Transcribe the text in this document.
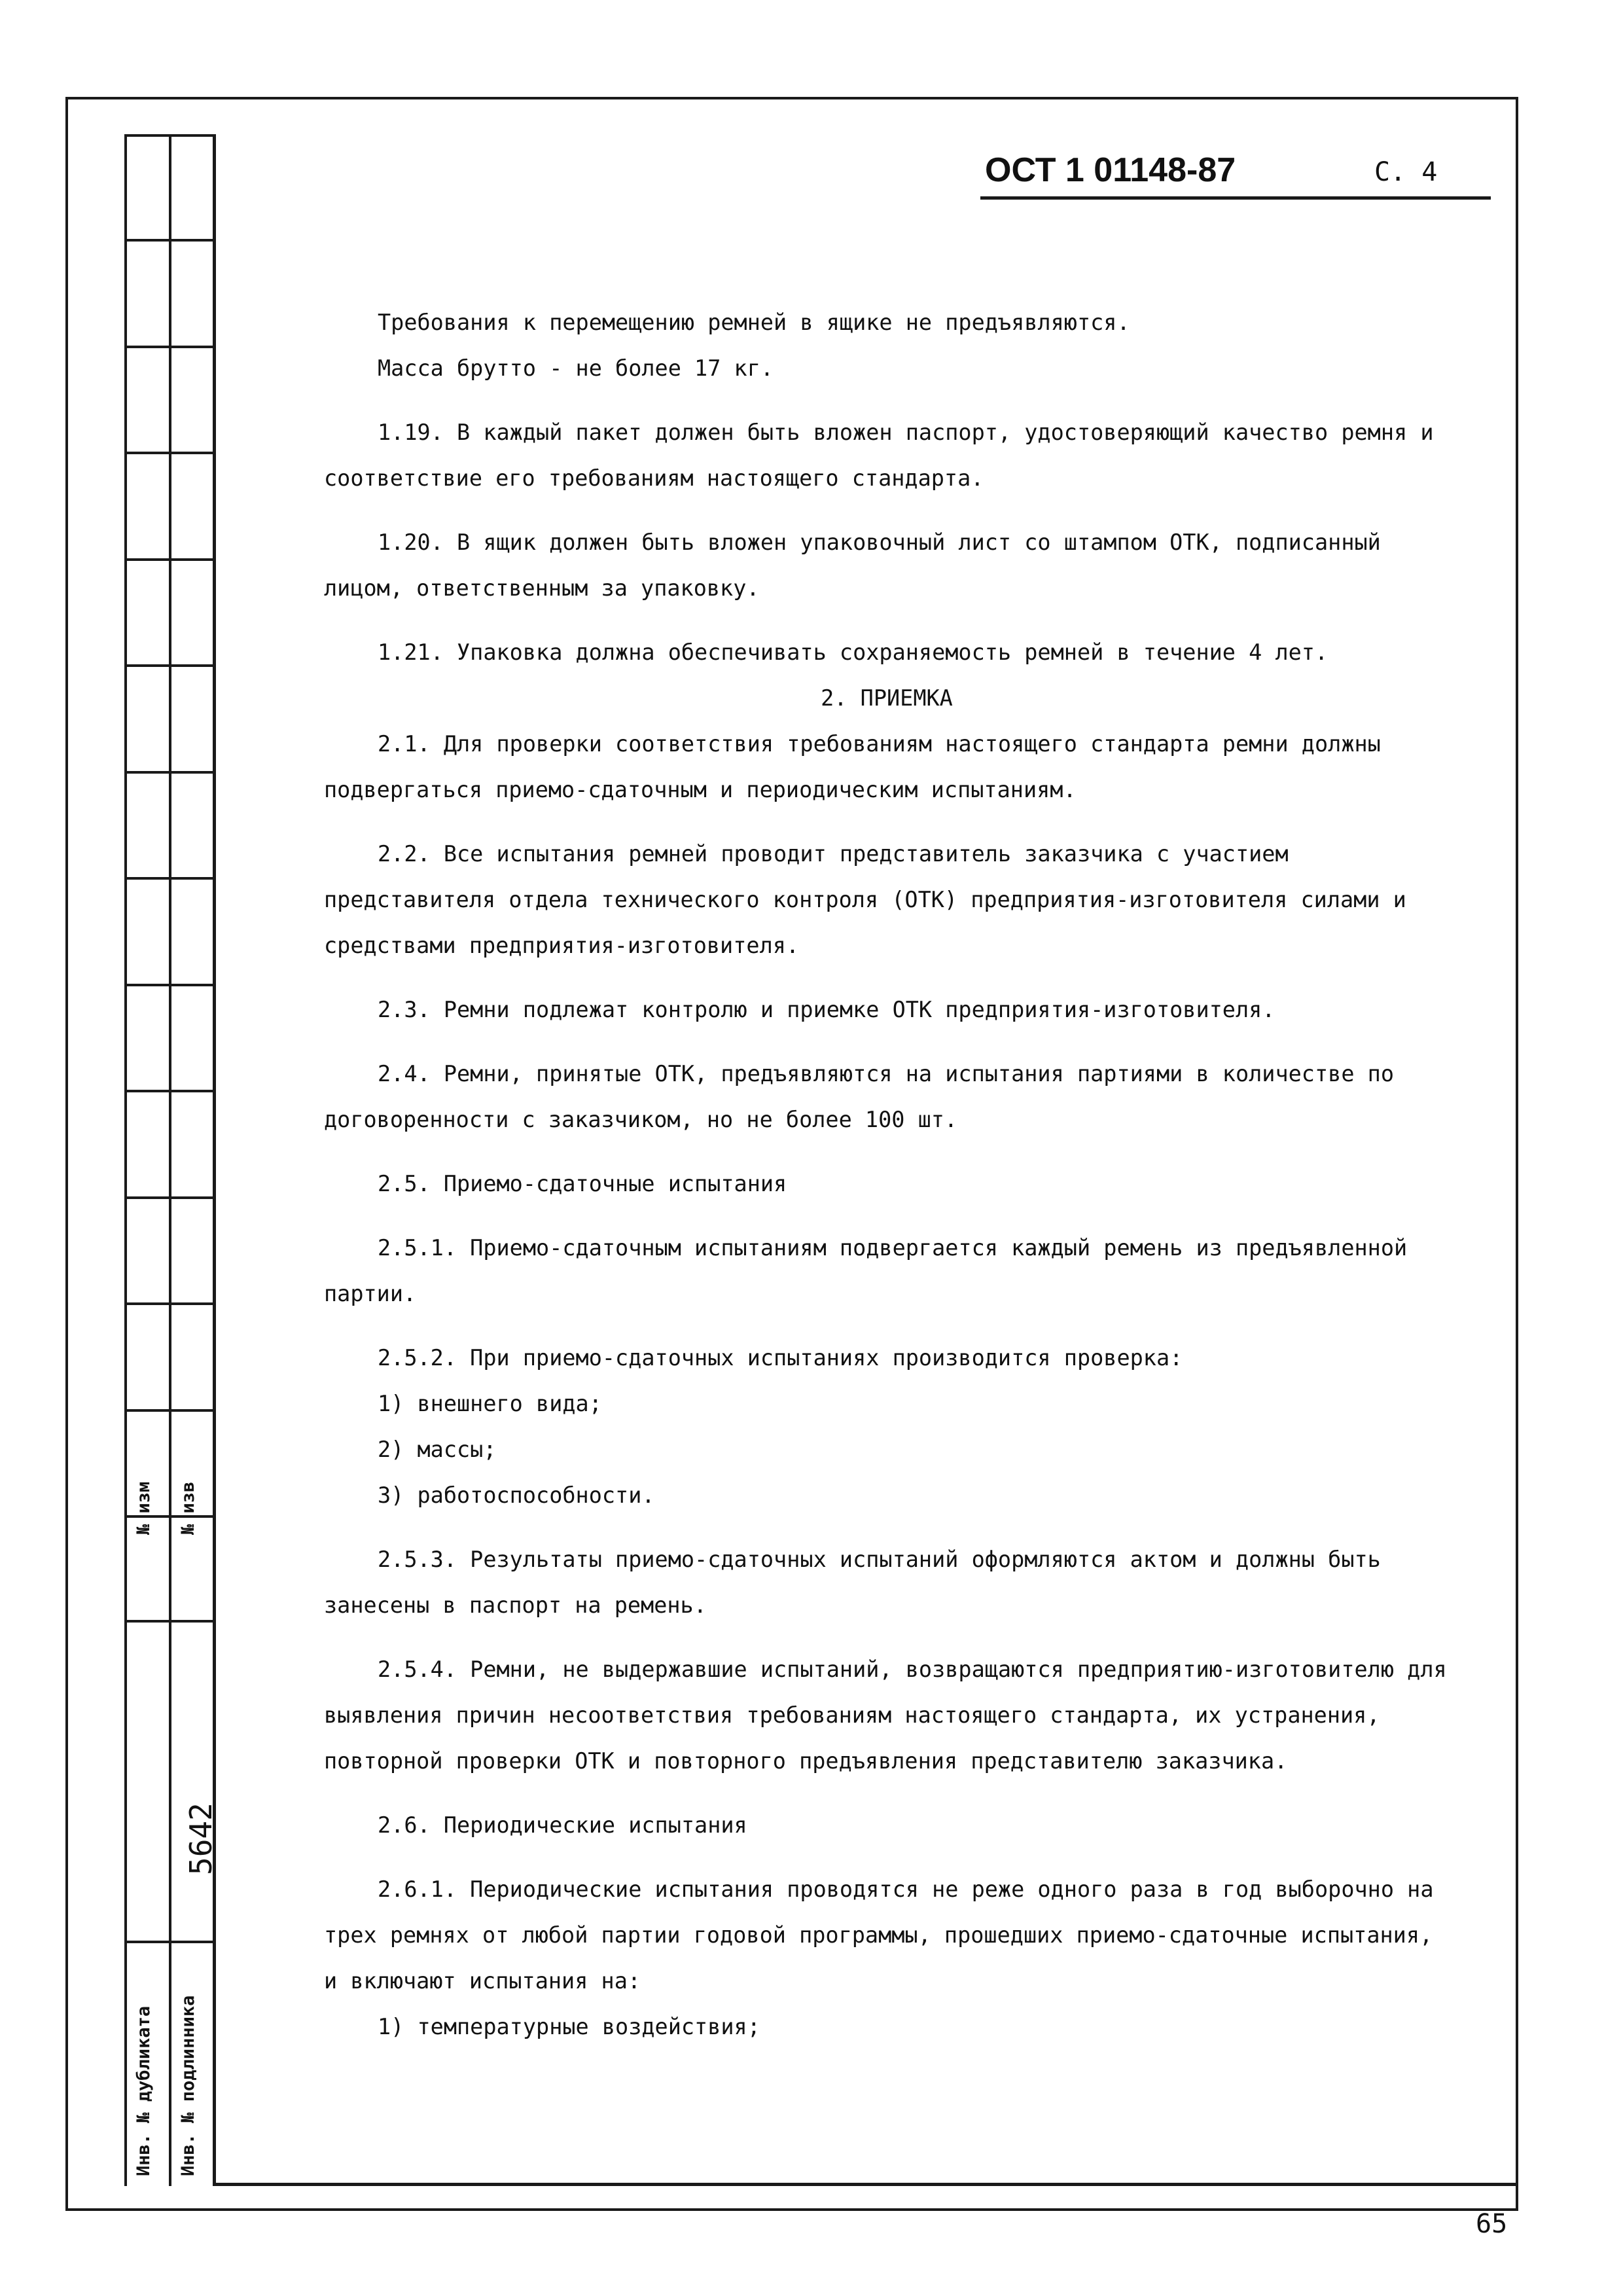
№ изм № изв
5642
Инв. № дубликата Инв. № подлинника
ОСТ 1 01148-87	С. 4

Требования к перемещению ремней в ящике не предъявляются.

Масса брутто - не более 17 кг.

1.19. В каждый пакет должен быть вложен паспорт, удостоверяющий качество ремня и соответствие его требованиям настоящего стандарта.

1.20. В ящик должен быть вложен упаковочный лист со штампом ОТК, подписанный лицом, ответственным за упаковку.

1.21. Упаковка должна обеспечивать сохраняемость ремней в течение 4 лет.

2. ПРИЕМКА

2.1. Для проверки соответствия требованиям настоящего стандарта ремни должны подвергаться приемо-сдаточным и периодическим испытаниям.

2.2. Все испытания ремней проводит представитель заказчика с участием представителя отдела технического контроля (ОТК) предприятия-изготовителя силами и средствами предприятия-изготовителя.

2.3. Ремни подлежат контролю и приемке ОТК предприятия-изготовителя.

2.4. Ремни, принятые ОТК, предъявляются на испытания партиями в количестве по договоренности с заказчиком, но не более 100 шт.

2.5. Приемо-сдаточные испытания

2.5.1. Приемо-сдаточным испытаниям подвергается каждый ремень из предъявленной партии.

2.5.2. При приемо-сдаточных испытаниях производится проверка:

1) внешнего вида;

2) массы;

3) работоспособности.

2.5.3. Результаты приемо-сдаточных испытаний оформляются актом и должны быть занесены в паспорт на ремень.

2.5.4. Ремни, не выдержавшие испытаний, возвращаются предприятию-изготовителю для выявления причин несоответствия требованиям настоящего стандарта, их устранения, повторной проверки ОТК и повторного предъявления представителю заказчика.

2.6. Периодические испытания

2.6.1. Периодические испытания проводятся не реже одного раза в год выборочно на трех ремнях от любой партии годовой программы, прошедших приемо-сдаточные испытания, и включают испытания на:

1) температурные воздействия;

65
